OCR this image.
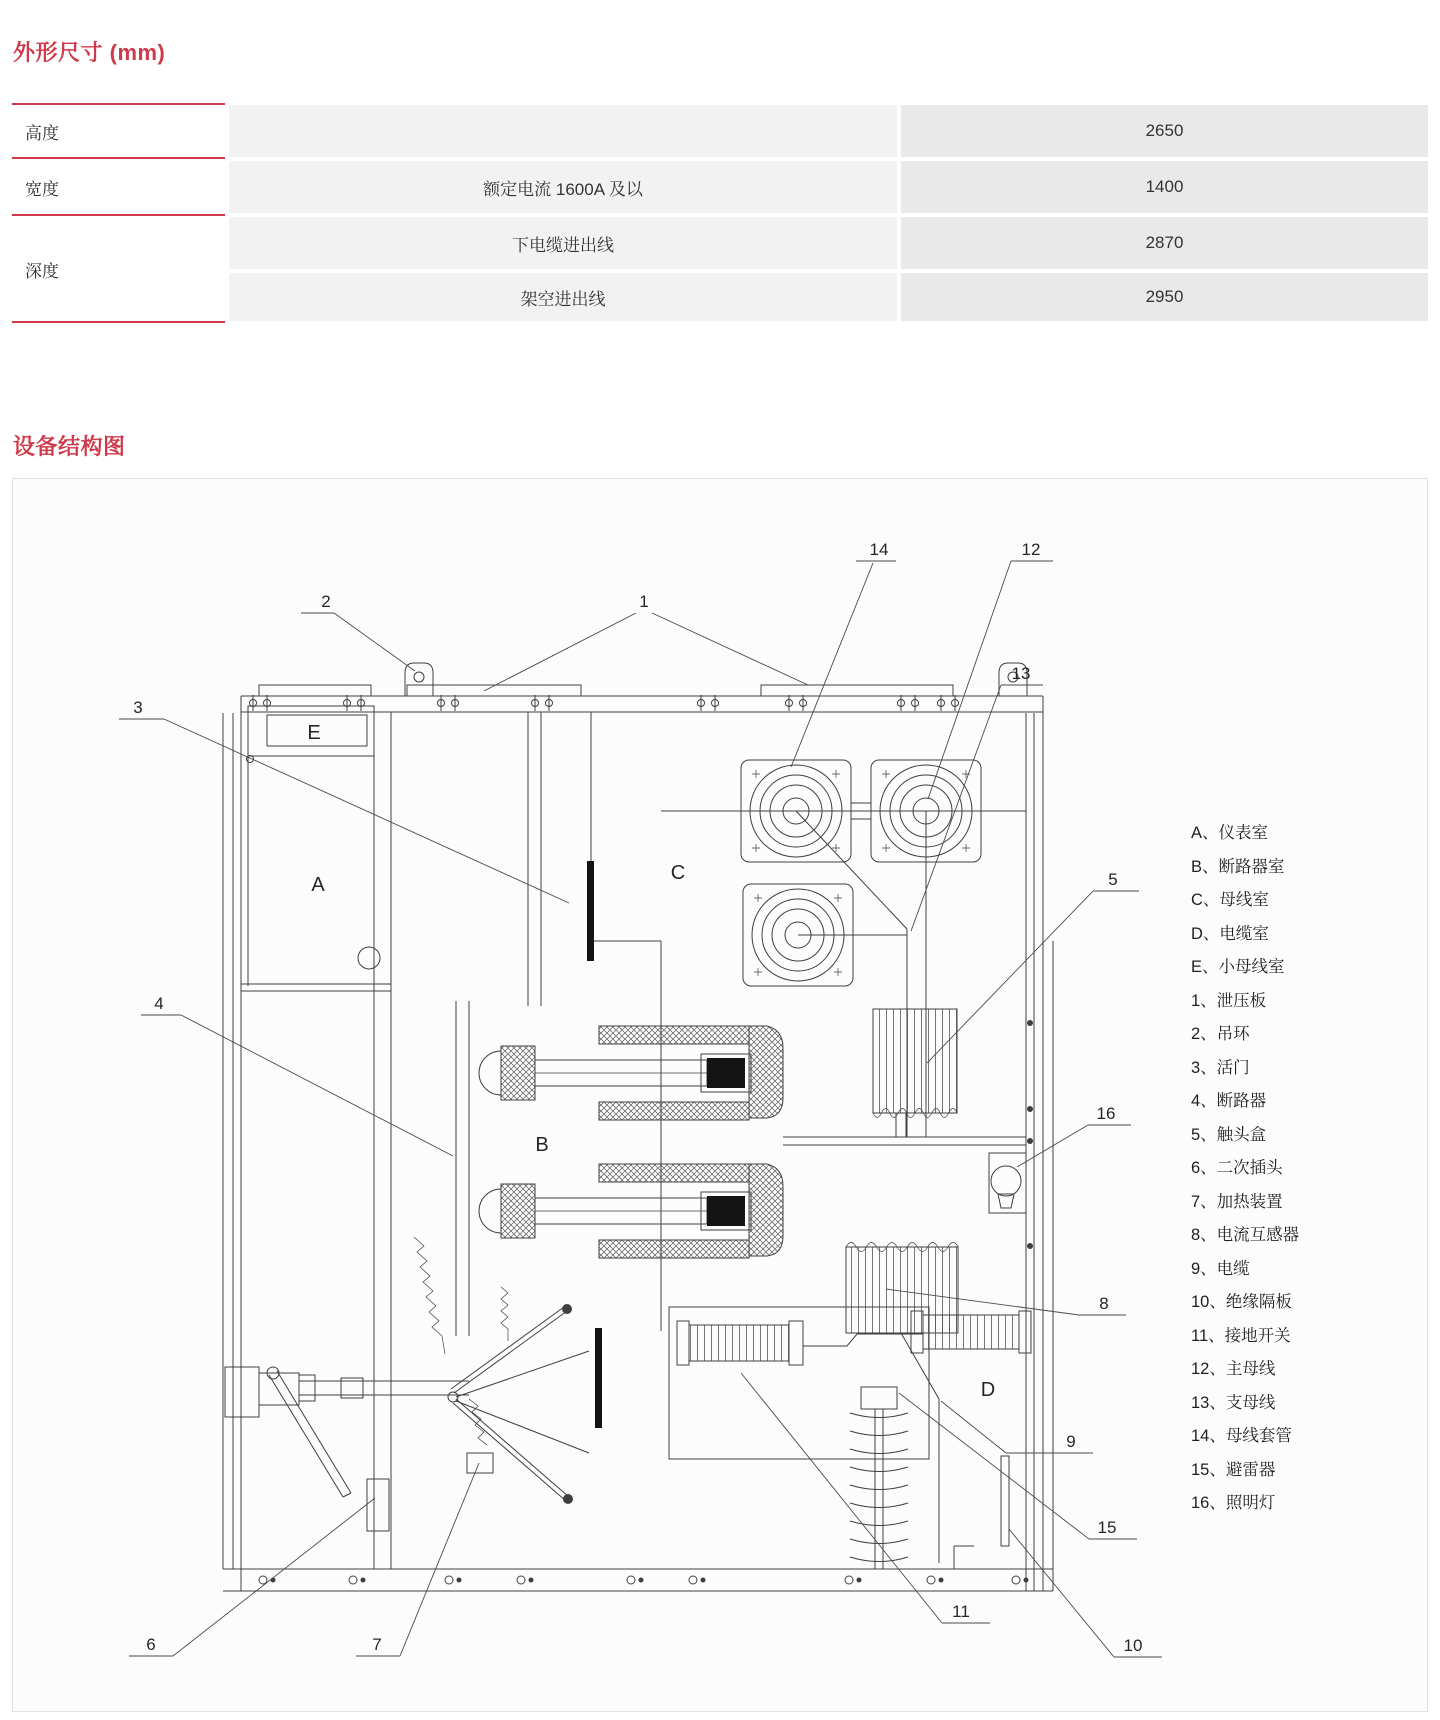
外形尺寸 (mm)
高度
宽度
深度
额定电流 1600A 及以
下电缆进出线
架空进出线
2650
1400
2870
2950
设备结构图
1
2
3
4
5
6	7
8
9
10
11
12
13
14
15
16
E
A
C
B
D
A、仪表室
B、断路器室
C、母线室
D、电缆室
E、小母线室
1、泄压板
2、吊环
3、活门
4、断路器
5、触头盒
6、二次插头
7、加热装置
8、电流互感器
9、电缆
10、绝缘隔板
11、接地开关
12、主母线
13、支母线
14、母线套管
15、避雷器
16、照明灯
